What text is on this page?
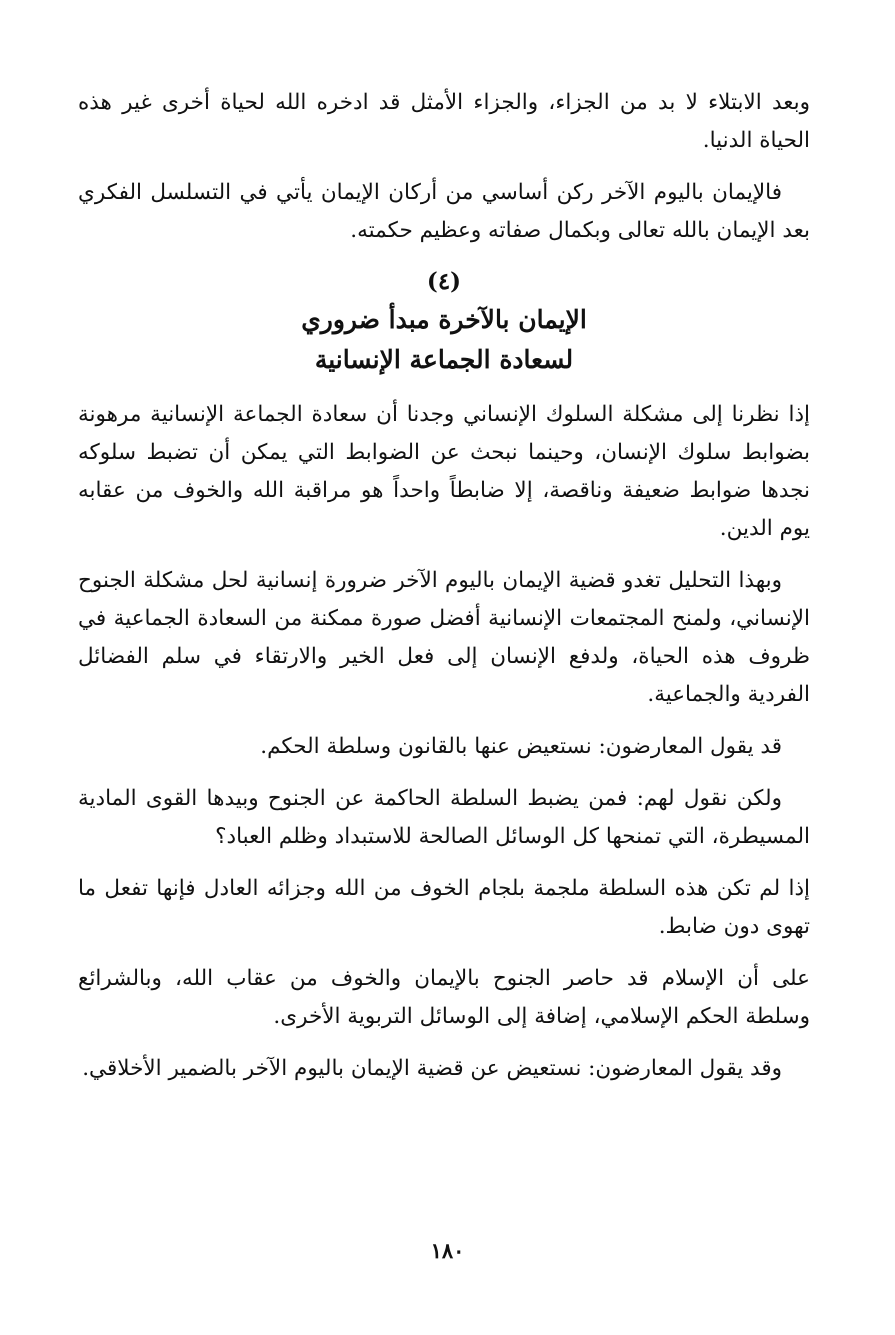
وبعد الابتلاء لا بد من الجزاء، والجزاء الأمثل قد ادخره الله لحياة أخرى غير هذه الحياة الدنيا.

فالإيمان باليوم الآخر ركن أساسي من أركان الإيمان يأتي في التسلسل الفكري بعد الإيمان بالله تعالى وبكمال صفاته وعظيم حكمته.

(٤)
الإيمان بالآخرة مبدأ ضروري
لسعادة الجماعة الإنسانية

إذا نظرنا إلى مشكلة السلوك الإنساني وجدنا أن سعادة الجماعة الإنسانية مرهونة بضوابط سلوك الإنسان، وحينما نبحث عن الضوابط التي يمكن أن تضبط سلوكه نجدها ضوابط ضعيفة وناقصة، إلا ضابطاً واحداً هو مراقبة الله والخوف من عقابه يوم الدين.

وبهذا التحليل تغدو قضية الإيمان باليوم الآخر ضرورة إنسانية لحل مشكلة الجنوح الإنساني، ولمنح المجتمعات الإنسانية أفضل صورة ممكنة من السعادة الجماعية في ظروف هذه الحياة، ولدفع الإنسان إلى فعل الخير والارتقاء في سلم الفضائل الفردية والجماعية.

قد يقول المعارضون: نستعيض عنها بالقانون وسلطة الحكم.

ولكن نقول لهم: فمن يضبط السلطة الحاكمة عن الجنوح وبيدها القوى المادية المسيطرة، التي تمنحها كل الوسائل الصالحة للاستبداد وظلم العباد؟

إذا لم تكن هذه السلطة ملجمة بلجام الخوف من الله وجزائه العادل فإنها تفعل ما تهوى دون ضابط.

على أن الإسلام قد حاصر الجنوح بالإيمان والخوف من عقاب الله، وبالشرائع وسلطة الحكم الإسلامي، إضافة إلى الوسائل التربوية الأخرى.

وقد يقول المعارضون: نستعيض عن قضية الإيمان باليوم الآخر بالضمير الأخلاقي.

١٨٠
